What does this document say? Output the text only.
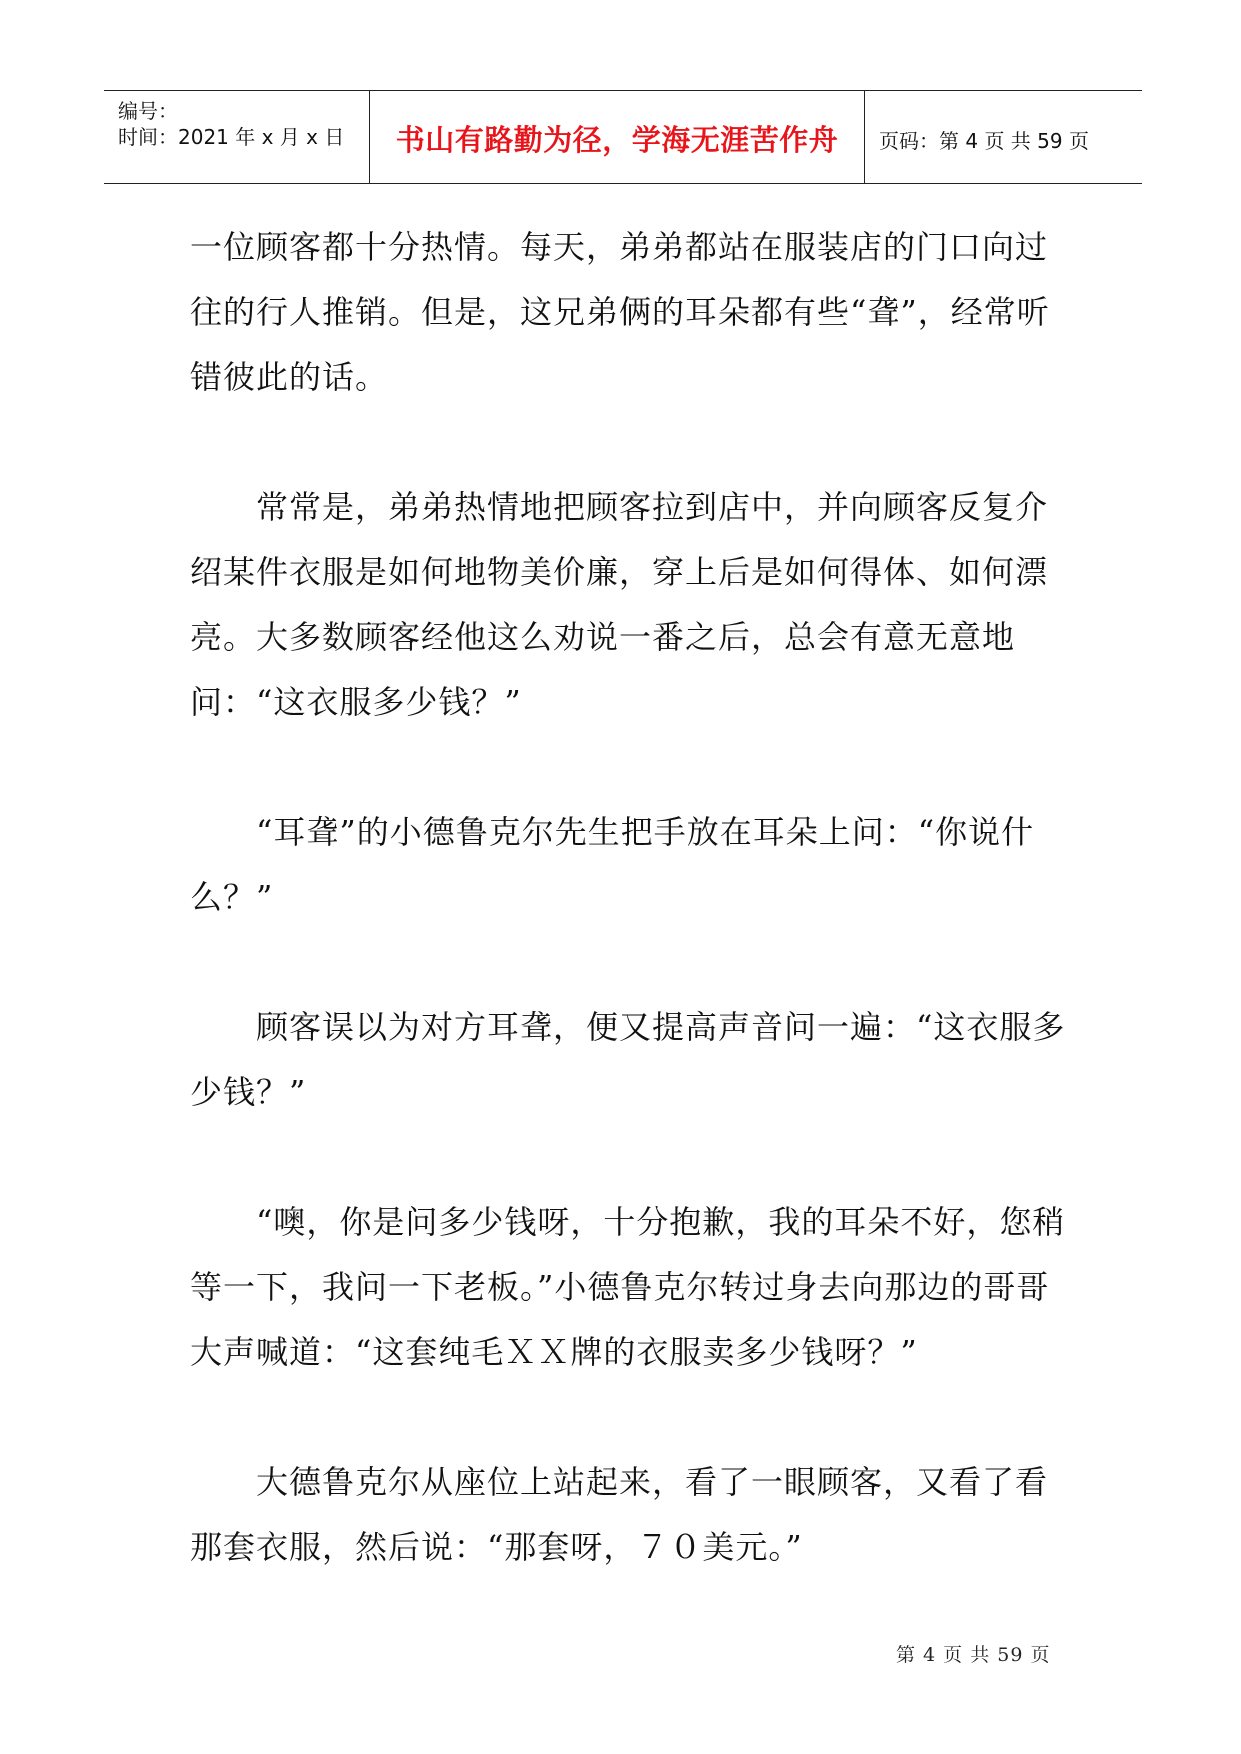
编号：
时间：2021 年 x 月 x 日	书山有路勤为径，学海无涯苦作舟	页码：第 4 页 共 59 页

一位顾客都十分热情。每天，弟弟都站在服装店的门口向过往的行人推销。但是，这兄弟俩的耳朵都有些“聋”，经常听错彼此的话。

常常是，弟弟热情地把顾客拉到店中，并向顾客反复介绍某件衣服是如何地物美价廉，穿上后是如何得体、如何漂亮。大多数顾客经他这么劝说一番之后，总会有意无意地问：“这衣服多少钱？”

“耳聋”的小德鲁克尔先生把手放在耳朵上问：“你说什么？”

顾客误以为对方耳聋，便又提高声音问一遍：“这衣服多少钱？”

“噢，你是问多少钱呀，十分抱歉，我的耳朵不好，您稍等一下，我问一下老板。”小德鲁克尔转过身去向那边的哥哥大声喊道：“这套纯毛ＸＸ牌的衣服卖多少钱呀？”

大德鲁克尔从座位上站起来，看了一眼顾客，又看了看那套衣服，然后说：“那套呀，７０美元。”

第 4 页 共 59 页
